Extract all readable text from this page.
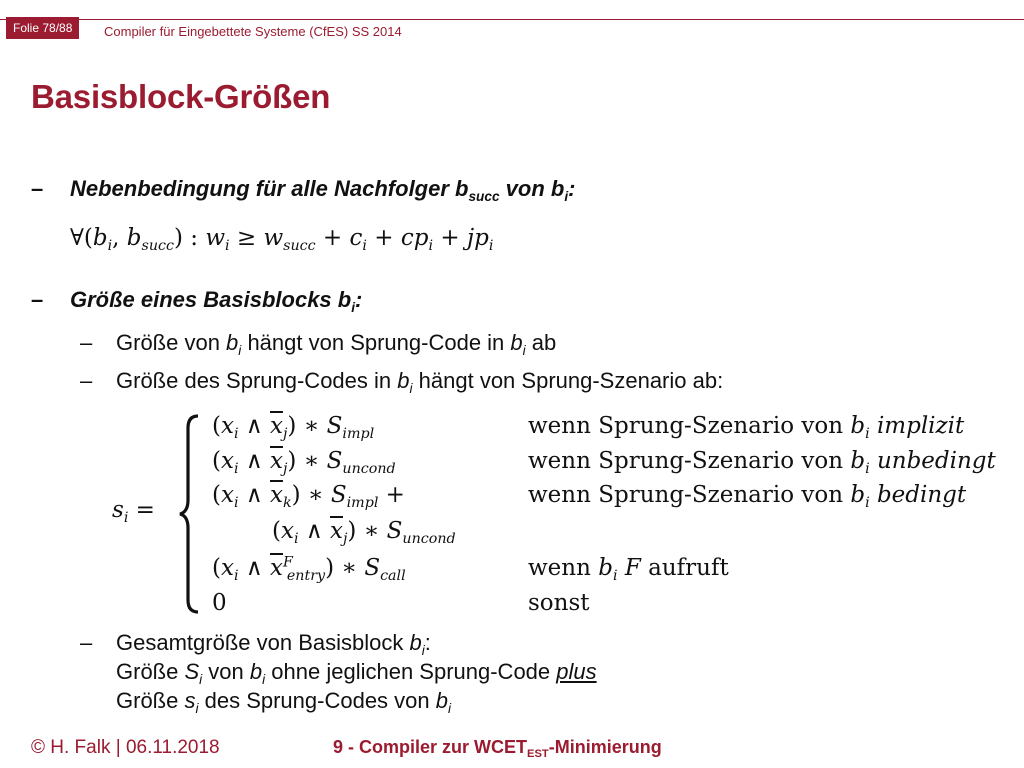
Folie 78/88	Compiler für Eingebettete Systeme (CfES) SS 2014
Basisblock-Größen
– Nebenbedingung für alle Nachfolger $b_{succ}$ von $b_i$:
$\forall(b_i$, $b_{succ}$) : $w_i \ge w_{succ} + c_i + cp_i + jp_i$
– Größe eines Basisblocks $b_i$:
– Größe von $b_i$ hängt von Sprung-Code in $b_i$ ab
– Größe des Sprung-Codes in $b_i$ hängt von Sprung-Szenario ab:
$s_i$ =
($x_i$ ∧ $\overline{x}_j$) ∗ $S_{impl}$	wenn Sprung-Szenario von $b_i$ implizit
($x_i$ ∧ $\overline{x}_j$) ∗ $S_{uncond}$	wenn Sprung-Szenario von $b_i$ unbedingt
($x_i$ ∧ $\overline{x}_k$) ∗ $S_{impl}$ +	wenn Sprung-Szenario von $b_i$ bedingt
($x_i$ ∧ $\overline{x}_j$) ∗ $S_{uncond}$
($x_i$ ∧ $\overline{x}^F_{entry}$) ∗ $S_{call}$	wenn $b_i$ F aufruft
0	sonst
– Gesamtgröße von Basisblock $b_i$:
Größe $S_i$ von $b_i$ ohne jeglichen Sprung-Code plus
Größe $s_i$ des Sprung-Codes von $b_i$
© H. Falk | 06.11.2018	9 - Compiler zur $WCET_{EST}$-Minimierung
